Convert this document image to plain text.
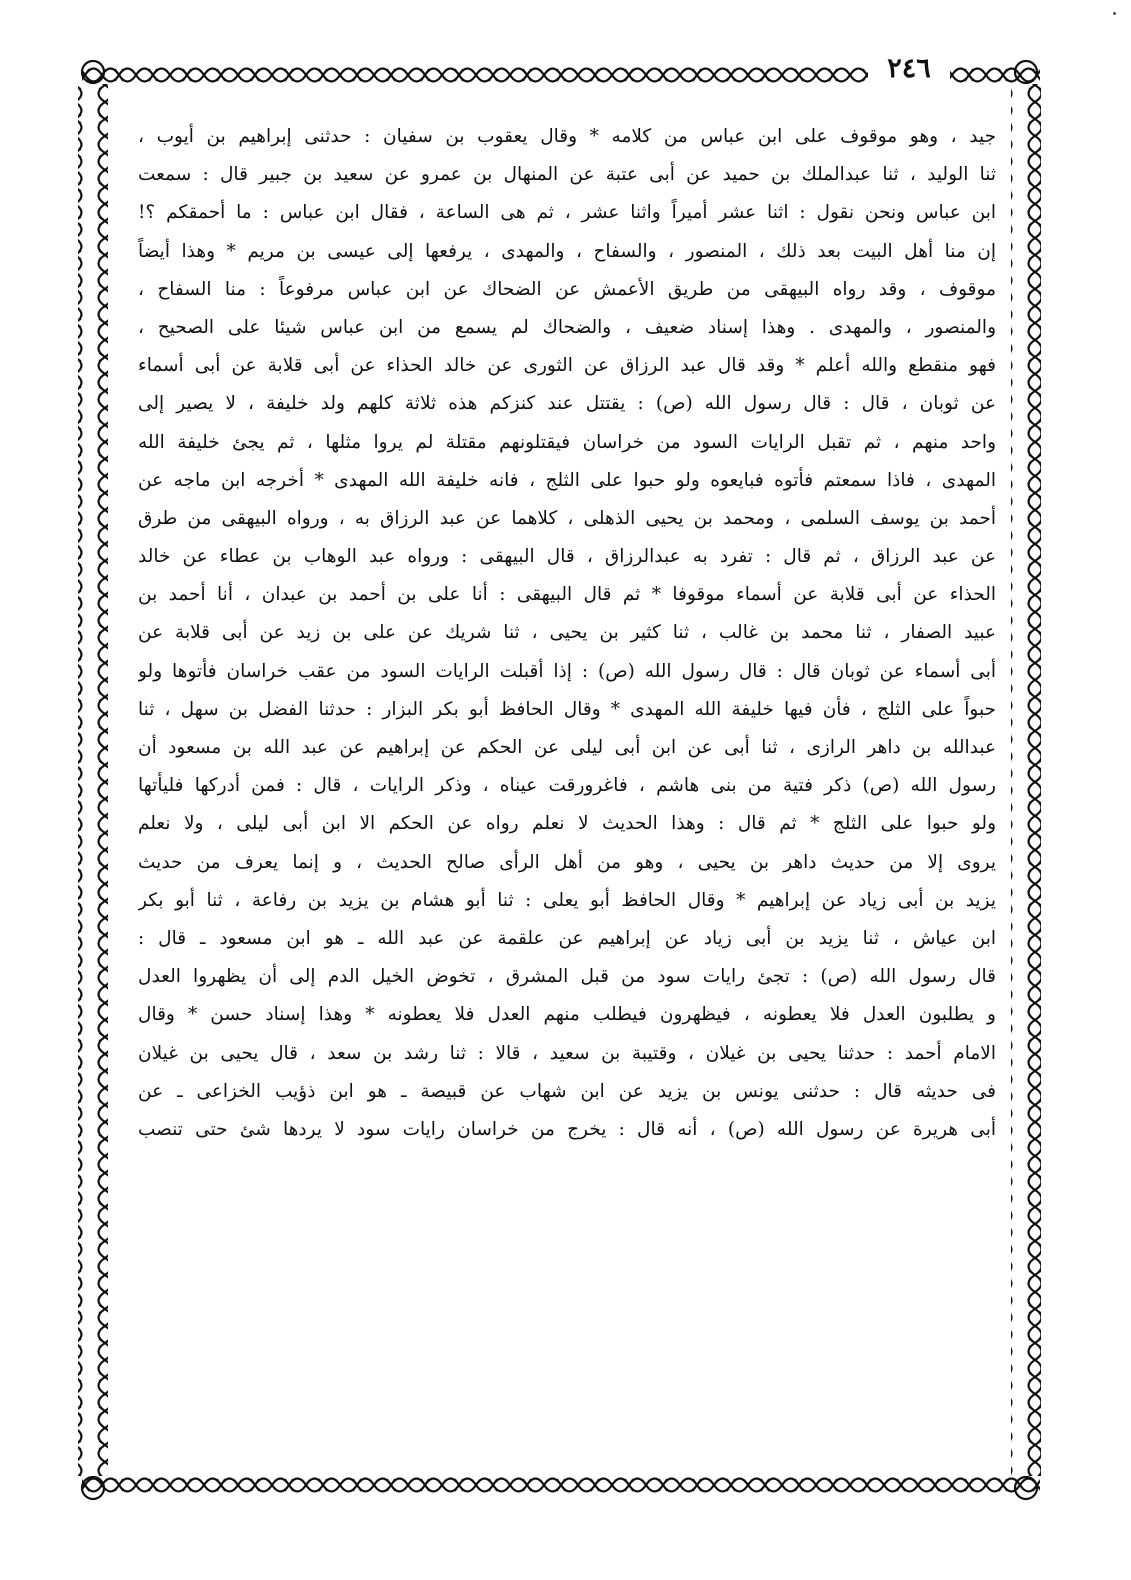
٢٤٦
جيد ، وهو موقوف على ابن عباس من كلامه * وقال يعقوب بن سفيان : حدثنى إبراهيم بن أيوب ،
ثنا الوليد ، ثنا عبدالملك بن حميد عن أبى عتبة عن المنهال بن عمرو عن سعيد بن جبير قال : سمعت
ابن عباس ونحن نقول : اثنا عشر أميراً واثنا عشر ، ثم هى الساعة ، فقال ابن عباس : ما أحمقكم ؟!
إن منا أهل البيت بعد ذلك ، المنصور ، والسفاح ، والمهدى ، يرفعها إلى عيسى بن مريم * وهذا أيضاً
موقوف ، وقد رواه البيهقى من طريق الأعمش عن الضحاك عن ابن عباس مرفوعاً : منا السفاح ،
والمنصور ، والمهدى . وهذا إسناد ضعيف ، والضحاك لم يسمع من ابن عباس شيئا على الصحيح ،
فهو منقطع والله أعلم * وقد قال عبد الرزاق عن الثورى عن خالد الحذاء عن أبى قلابة عن أبى أسماء
عن ثوبان ، قال : قال رسول الله (ص) : يقتتل عند كنزكم هذه ثلاثة كلهم ولد خليفة ، لا يصير إلى
واحد منهم ، ثم تقبل الرايات السود من خراسان فيقتلونهم مقتلة لم يروا مثلها ، ثم يجئ خليفة الله
المهدى ، فاذا سمعتم فأتوه فبايعوه ولو حبوا على الثلج ، فانه خليفة الله المهدى * أخرجه ابن ماجه عن
أحمد بن يوسف السلمى ، ومحمد بن يحيى الذهلى ، كلاهما عن عبد الرزاق به ، ورواه البيهقى من طرق
عن عبد الرزاق ، ثم قال : تفرد به عبدالرزاق ، قال البيهقى : ورواه عبد الوهاب بن عطاء عن خالد
الحذاء عن أبى قلابة عن أسماء موقوفا * ثم قال البيهقى : أنا على بن أحمد بن عبدان ، أنا أحمد بن
عبيد الصفار ، ثنا محمد بن غالب ، ثنا كثير بن يحيى ، ثنا شريك عن على بن زيد عن أبى قلابة عن
أبى أسماء عن ثوبان قال : قال رسول الله (ص) : إذا أقبلت الرايات السود من عقب خراسان فأتوها ولو
حبواً على الثلج ، فأن فيها خليفة الله المهدى * وقال الحافظ أبو بكر البزار : حدثنا الفضل بن سهل ، ثنا
عبدالله بن داهر الرازى ، ثنا أبى عن ابن أبى ليلى عن الحكم عن إبراهيم عن عبد الله بن مسعود أن
رسول الله (ص) ذكر فتية من بنى هاشم ، فاغرورقت عيناه ، وذكر الرايات ، قال : فمن أدركها فليأتها
ولو حبوا على الثلج * ثم قال : وهذا الحديث لا نعلم رواه عن الحكم الا ابن أبى ليلى ، ولا نعلم
يروى إلا من حديث داهر بن يحيى ، وهو من أهل الرأى صالح الحديث ، و إنما يعرف من حديث
يزيد بن أبى زياد عن إبراهيم * وقال الحافظ أبو يعلى : ثنا أبو هشام بن يزيد بن رفاعة ، ثنا أبو بكر
ابن عياش ، ثنا يزيد بن أبى زياد عن إبراهيم عن علقمة عن عبد الله ـ هو ابن مسعود ـ قال :
قال رسول الله (ص) : تجئ رايات سود من قبل المشرق ، تخوض الخيل الدم إلى أن يظهروا العدل
و يطلبون العدل فلا يعطونه ، فيظهرون فيطلب منهم العدل فلا يعطونه * وهذا إسناد حسن * وقال
الامام أحمد : حدثنا يحيى بن غيلان ، وقتيبة بن سعيد ، قالا : ثنا رشد بن سعد ، قال يحيى بن غيلان
فى حديثه قال : حدثنى يونس بن يزيد عن ابن شهاب عن قبيصة ـ هو ابن ذؤيب الخزاعى ـ عن
أبى هريرة عن رسول الله (ص) ، أنه قال : يخرج من خراسان رايات سود لا يردها شئ حتى تنصب
